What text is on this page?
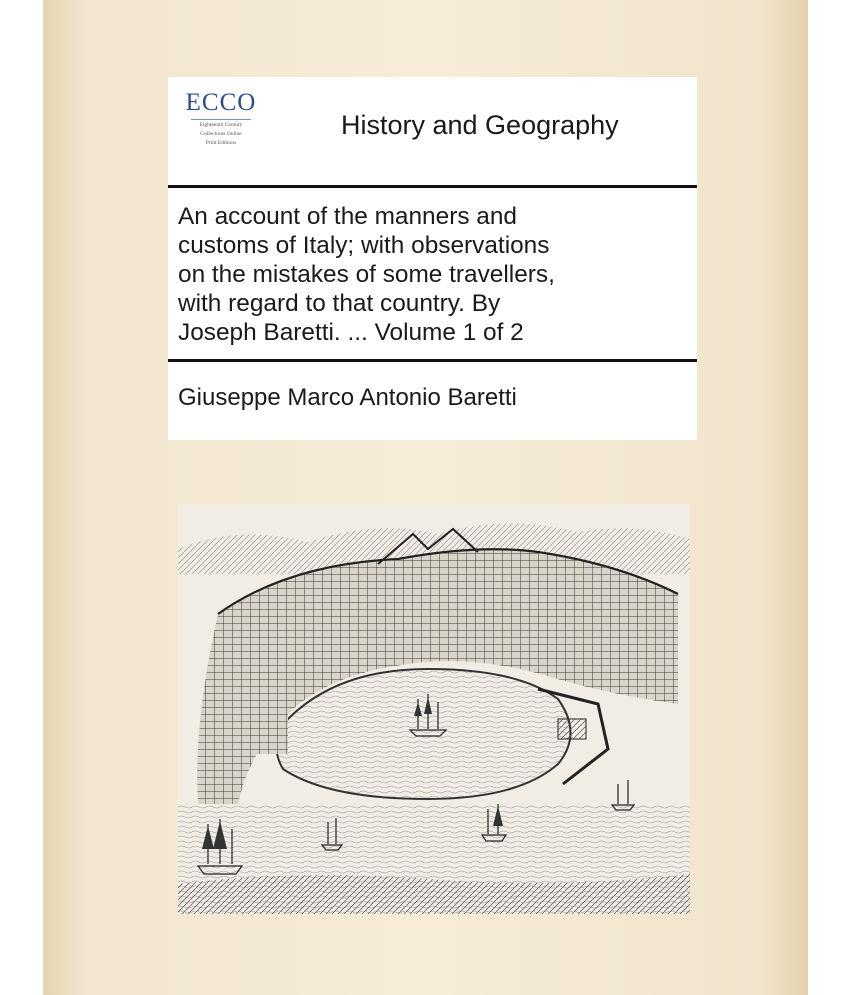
ECCO
Eighteenth Century
Collections Online
Print Editions
History and Geography
An account of the manners and
customs of Italy; with observations
on the mistakes of some travellers,
with regard to that country. By
Joseph Baretti. ... Volume 1 of 2
Giuseppe Marco Antonio Baretti
